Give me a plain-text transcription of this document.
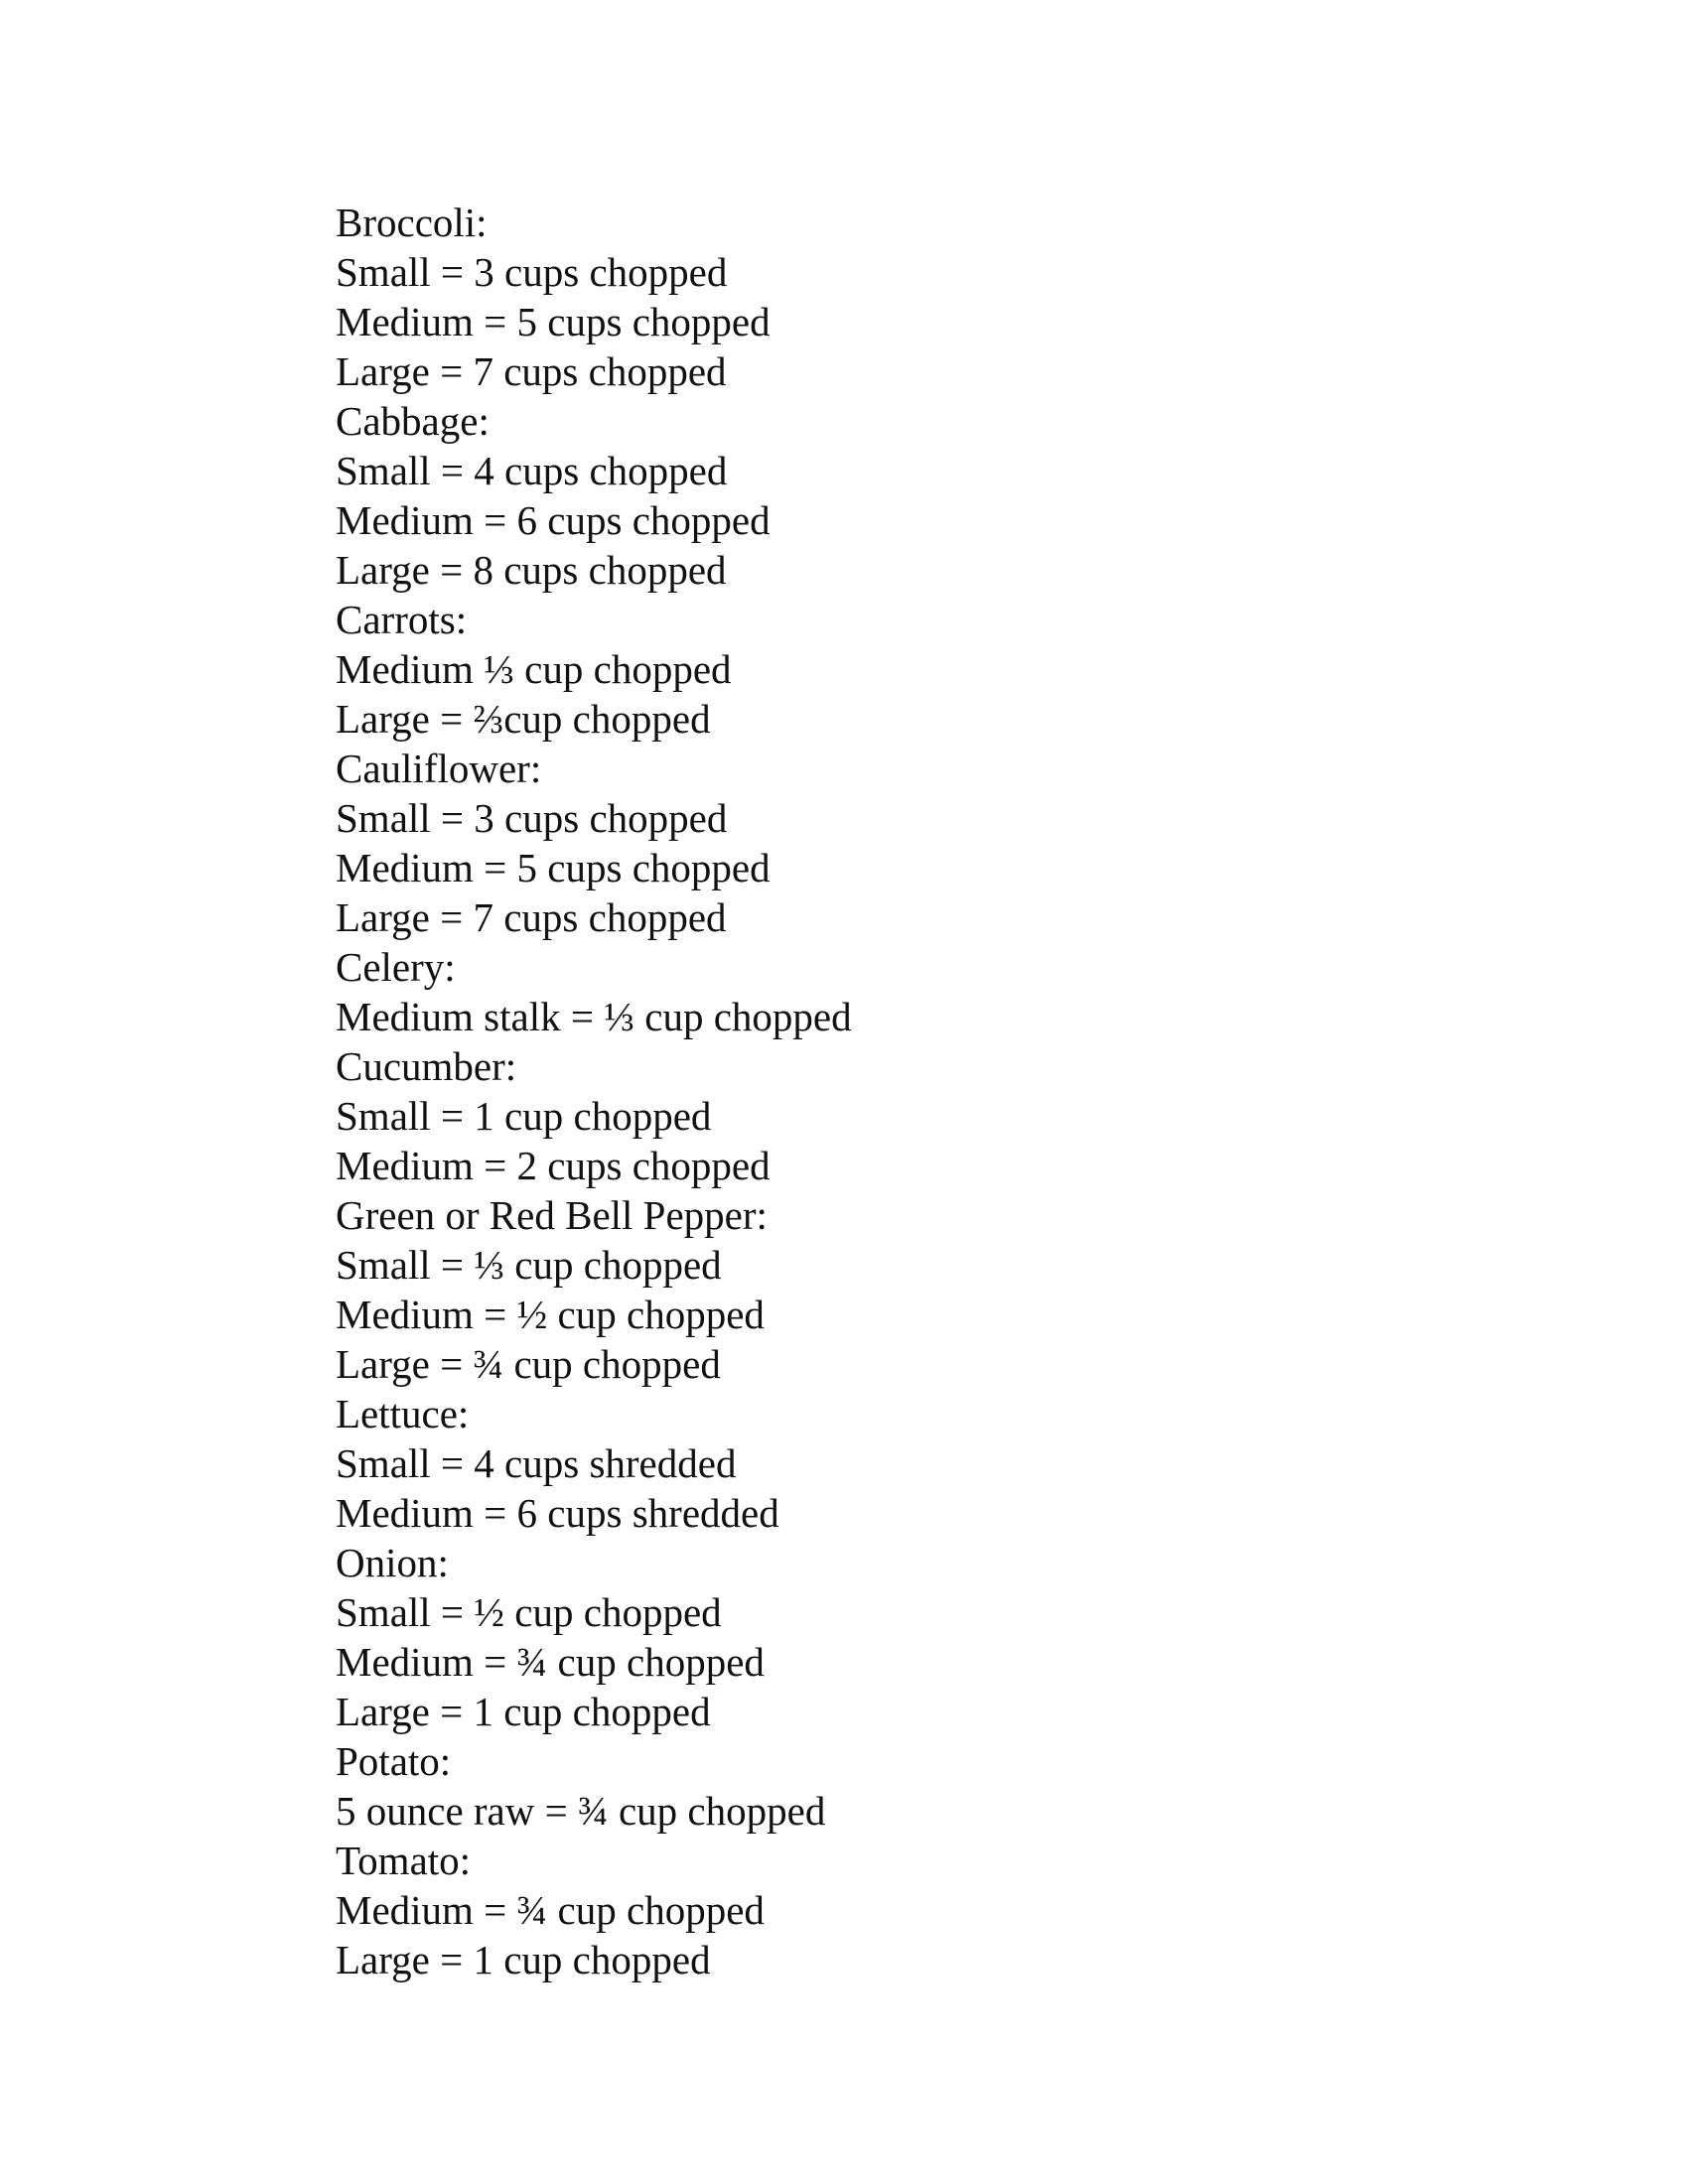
Broccoli:
Small = 3 cups chopped
Medium = 5 cups chopped
Large = 7 cups chopped
Cabbage:
Small = 4 cups chopped
Medium = 6 cups chopped
Large = 8 cups chopped
Carrots:
Medium ⅓ cup chopped
Large = ⅔cup chopped
Cauliflower:
Small = 3 cups chopped
Medium = 5 cups chopped
Large = 7 cups chopped
Celery:
Medium stalk = ⅓ cup chopped
Cucumber:
Small = 1 cup chopped
Medium = 2 cups chopped
Green or Red Bell Pepper:
Small = ⅓ cup chopped
Medium = ½ cup chopped
Large = ¾ cup chopped
Lettuce:
Small = 4 cups shredded
Medium = 6 cups shredded
Onion:
Small = ½ cup chopped
Medium = ¾ cup chopped
Large = 1 cup chopped
Potato:
5 ounce raw = ¾ cup chopped
Tomato:
Medium = ¾ cup chopped
Large = 1 cup chopped
